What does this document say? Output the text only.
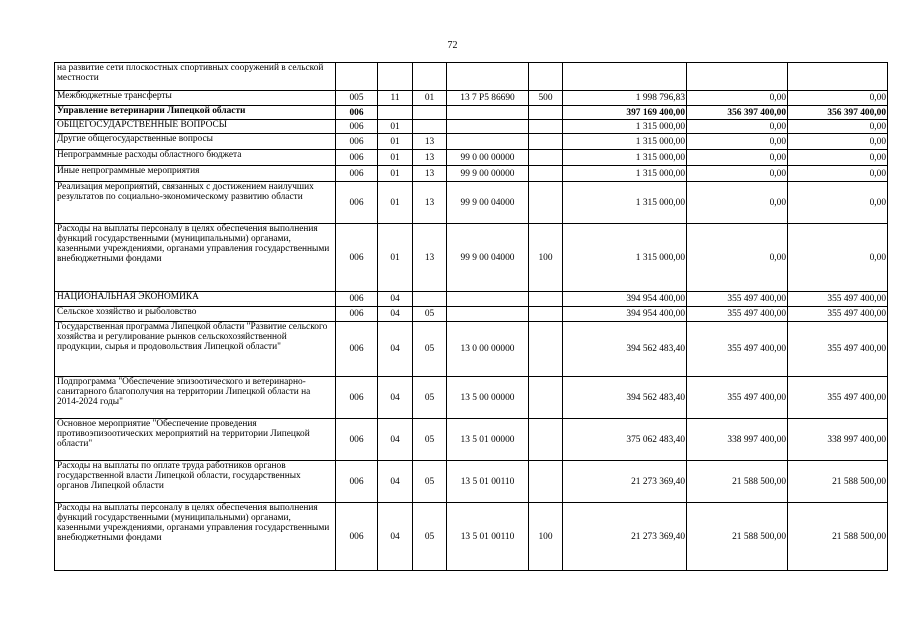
72
на развитие сети плоскостных спортивных сооружений в сельской местности								
Межбюджетные трансферты	005	11	01	13 7 P5 86690	500	1 998 796,83	0,00	0,00
Управление ветеринарии Липецкой области	006					397 169 400,00	356 397 400,00	356 397 400,00
ОБЩЕГОСУДАРСТВЕННЫЕ ВОПРОСЫ	006	01				1 315 000,00	0,00	0,00
Другие общегосударственные вопросы	006	01	13			1 315 000,00	0,00	0,00
Непрограммные расходы областного бюджета	006	01	13	99 0 00 00000		1 315 000,00	0,00	0,00
Иные непрограммные мероприятия	006	01	13	99 9 00 00000		1 315 000,00	0,00	0,00
Реализация мероприятий, связанных с достижением наилучших результатов по социально-экономическому развитию области	006	01	13	99 9 00 04000		1 315 000,00	0,00	0,00
Расходы на выплаты персоналу в целях обеспечения выполнения функций государственными (муниципальными) органами, казенными учреждениями, органами управления государственными внебюджетными фондами	006	01	13	99 9 00 04000	100	1 315 000,00	0,00	0,00
НАЦИОНАЛЬНАЯ ЭКОНОМИКА	006	04				394 954 400,00	355 497 400,00	355 497 400,00
Сельское хозяйство и рыболовство	006	04	05			394 954 400,00	355 497 400,00	355 497 400,00
Государственная программа Липецкой области "Развитие сельского хозяйства и регулирование рынков сельскохозяйственной продукции, сырья и продовольствия Липецкой области"	006	04	05	13 0 00 00000		394 562 483,40	355 497 400,00	355 497 400,00
Подпрограмма "Обеспечение эпизоотического и ветеринарно-санитарного благополучия на территории Липецкой области на 2014-2024 годы"	006	04	05	13 5 00 00000		394 562 483,40	355 497 400,00	355 497 400,00
Основное мероприятие "Обеспечение проведения противоэпизоотических мероприятий на территории Липецкой области"	006	04	05	13 5 01 00000		375 062 483,40	338 997 400,00	338 997 400,00
Расходы на выплаты по оплате труда работников органов государственной власти Липецкой области, государственных органов Липецкой области	006	04	05	13 5 01 00110		21 273 369,40	21 588 500,00	21 588 500,00
Расходы на выплаты персоналу в целях обеспечения выполнения функций государственными (муниципальными) органами, казенными учреждениями, органами управления государственными внебюджетными фондами	006	04	05	13 5 01 00110	100	21 273 369,40	21 588 500,00	21 588 500,00
